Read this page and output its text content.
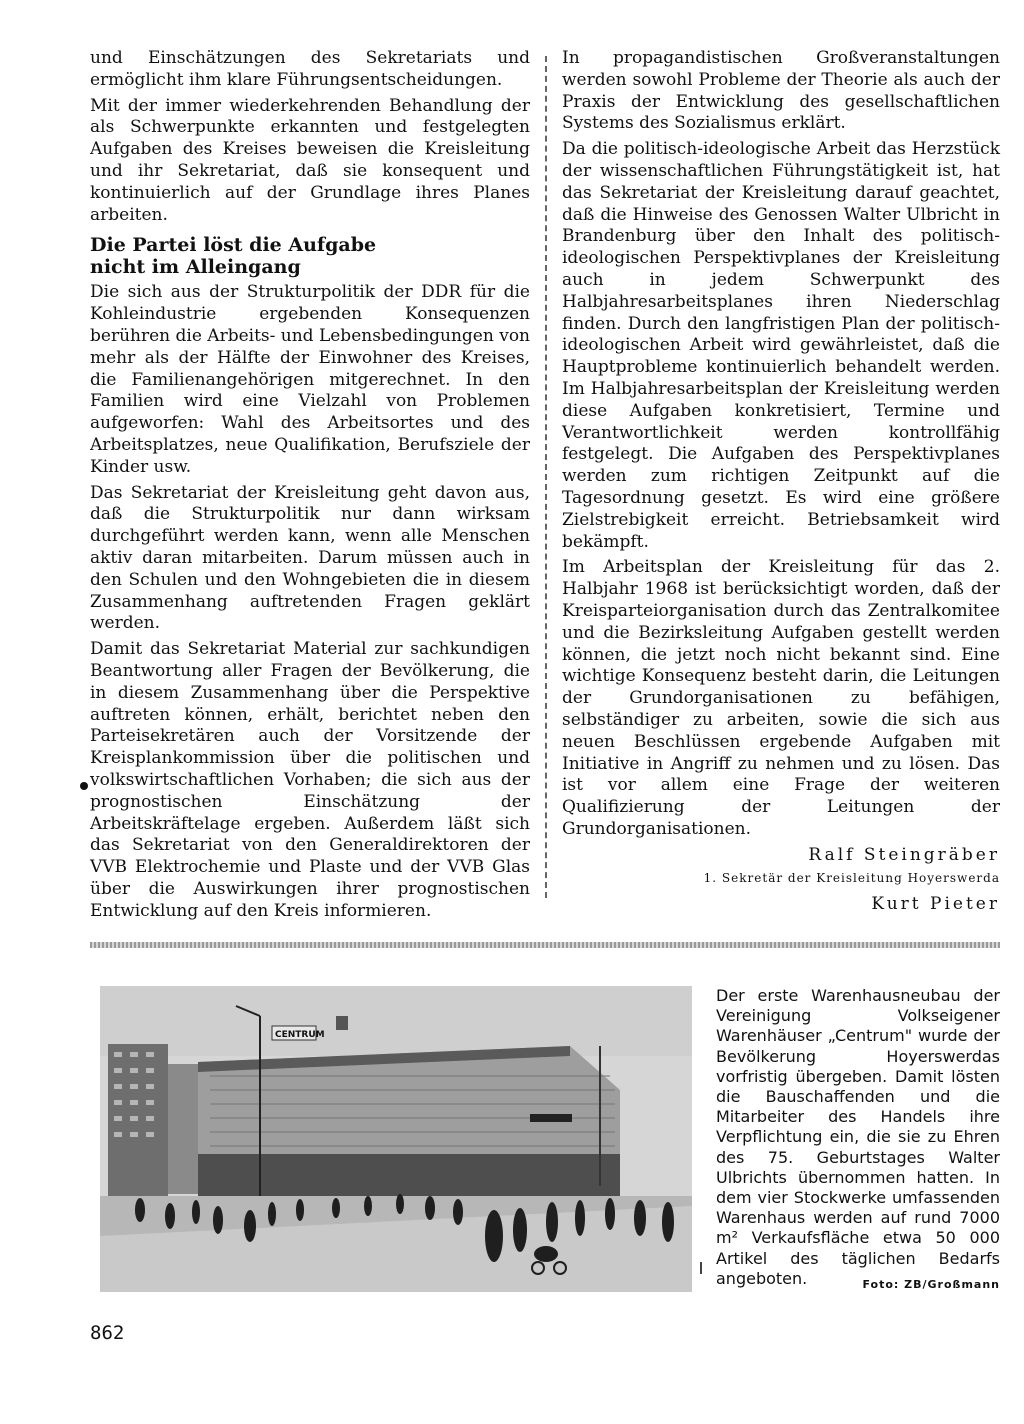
und Einschätzungen des Sekretariats und ermöglicht ihm klare Führungsentscheidungen.

Mit der immer wiederkehrenden Behandlung der als Schwerpunkte erkannten und festgelegten Aufgaben des Kreises beweisen die Kreisleitung und ihr Sekretariat, daß sie konsequent und kontinuierlich auf der Grundlage ihres Planes arbeiten.

Die Partei löst die Aufgabe
nicht im Alleingang

Die sich aus der Strukturpolitik der DDR für die Kohleindustrie ergebenden Konsequenzen berühren die Arbeits- und Lebensbedingungen von mehr als der Hälfte der Einwohner des Kreises, die Familienangehörigen mitgerechnet. In den Familien wird eine Vielzahl von Problemen aufgeworfen: Wahl des Arbeitsortes und des Arbeitsplatzes, neue Qualifikation, Berufsziele der Kinder usw.

Das Sekretariat der Kreisleitung geht davon aus, daß die Strukturpolitik nur dann wirksam durchgeführt werden kann, wenn alle Menschen aktiv daran mitarbeiten. Darum müssen auch in den Schulen und den Wohngebieten die in diesem Zusammenhang auftretenden Fragen geklärt werden.

Damit das Sekretariat Material zur sachkundigen Beantwortung aller Fragen der Bevölkerung, die in diesem Zusammenhang über die Perspektive auftreten können, erhält, berichtet neben den Parteisekretären auch der Vorsitzende der Kreisplankommission über die politischen und volkswirtschaftlichen Vorhaben; die sich aus der prognostischen Einschätzung der Arbeitskräftelage ergeben. Außerdem läßt sich das Sekretariat von den Generaldirektoren der VVB Elektrochemie und Plaste und der VVB Glas über die Auswirkungen ihrer prognostischen Entwicklung auf den Kreis informieren.

In propagandistischen Großveranstaltungen werden sowohl Probleme der Theorie als auch der Praxis der Entwicklung des gesellschaftlichen Systems des Sozialismus erklärt.

Da die politisch-ideologische Arbeit das Herzstück der wissenschaftlichen Führungstätigkeit ist, hat das Sekretariat der Kreisleitung darauf geachtet, daß die Hinweise des Genossen Walter Ulbricht in Brandenburg über den Inhalt des politisch-ideologischen Perspektivplanes der Kreisleitung auch in jedem Schwerpunkt des Halbjahresarbeitsplanes ihren Niederschlag finden. Durch den langfristigen Plan der politisch-ideologischen Arbeit wird gewährleistet, daß die Hauptprobleme kontinuierlich behandelt werden. Im Halbjahresarbeitsplan der Kreisleitung werden diese Aufgaben konkretisiert, Termine und Verantwortlichkeit werden kontrollfähig festgelegt. Die Aufgaben des Perspektivplanes werden zum richtigen Zeitpunkt auf die Tagesordnung gesetzt. Es wird eine größere Zielstrebigkeit erreicht. Betriebsamkeit wird bekämpft.

Im Arbeitsplan der Kreisleitung für das 2. Halbjahr 1968 ist berücksichtigt worden, daß der Kreisparteiorganisation durch das Zentralkomitee und die Bezirksleitung Aufgaben gestellt werden können, die jetzt noch nicht bekannt sind. Eine wichtige Konsequenz besteht darin, die Leitungen der Grundorganisationen zu befähigen, selbständiger zu arbeiten, sowie die sich aus neuen Beschlüssen ergebende Aufgaben mit Initiative in Angriff zu nehmen und zu lösen. Das ist vor allem eine Frage der weiteren Qualifizierung der Leitungen der Grundorganisationen.

Ralf Steingräber
1. Sekretär der Kreisleitung Hoyerswerda
Kurt Pieter
CENTRUM
Der erste Warenhausneubau der Vereinigung Volkseigener Warenhäuser „Centrum" wurde der Bevölkerung Hoyerswerdas vorfristig übergeben. Damit lösten die Bauschaffenden und die Mitarbeiter des Handels ihre Verpflichtung ein, die sie zu Ehren des 75. Geburtstages Walter Ulbrichts übernommen hatten. In dem vier Stockwerke umfassenden Warenhaus werden auf rund 7000 m² Verkaufsfläche etwa 50 000 Artikel des täglichen Bedarfs angeboten.	Foto: ZB/Großmann
862
